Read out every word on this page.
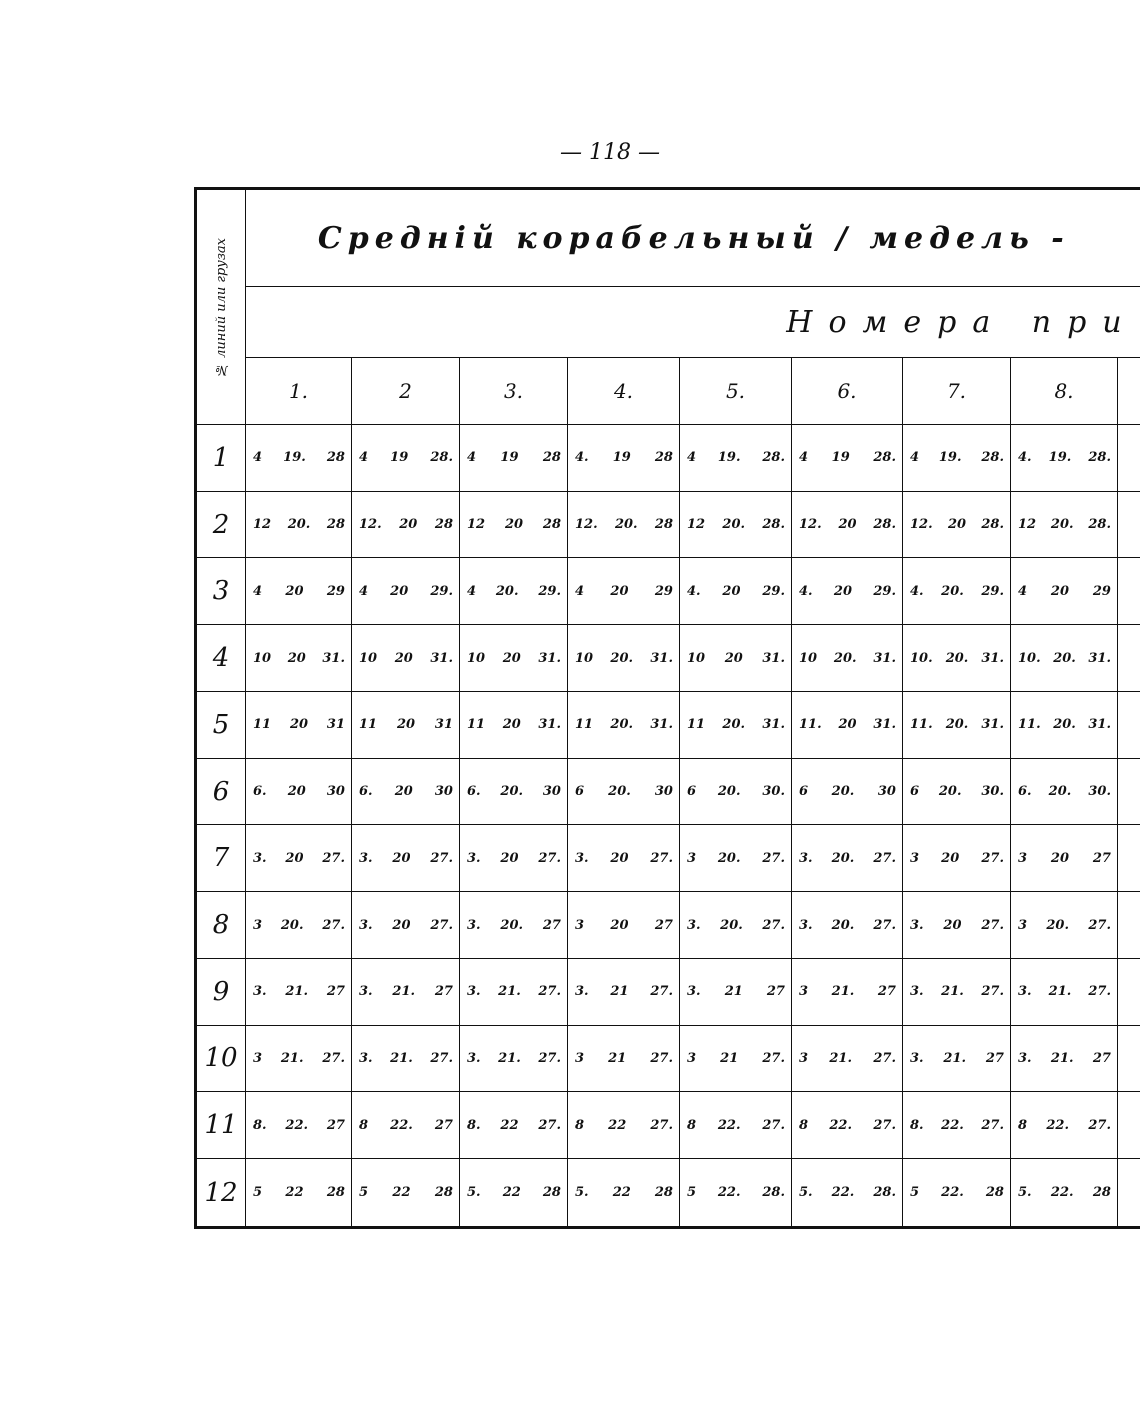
— 118 —
№ линий или грузах	Среднiй корабельный / медель -								
	Номера при								
	1.	2	3.	4.	5.	6.	7.	8.	
1	4 19. 28	4 19 28.	4 19 28	4. 19 28	4 19. 28.	4 19 28.	4 19. 28.	4. 19. 28.	

2	12 20. 28	12. 20 28	12 20 28	12. 20. 28	12 20. 28.	12. 20 28.	12. 20 28.	12 20. 28.	

3	4 20 29	4 20 29.	4 20. 29.	4 20 29	4. 20 29.	4. 20 29.	4. 20. 29.	4 20 29	

4	10 20 31.	10 20 31.	10 20 31.	10 20. 31.	10 20 31.	10 20. 31.	10. 20. 31.	10. 20. 31.	

5	11 20 31	11 20 31	11 20 31.	11 20. 31.	11 20. 31.	11. 20 31.	11. 20. 31.	11. 20. 31.	

6	6. 20 30	6. 20 30	6. 20. 30	6 20. 30	6 20. 30.	6 20. 30	6 20. 30.	6. 20. 30.	

7	3. 20 27.	3. 20 27.	3. 20 27.	3. 20 27.	3 20. 27.	3. 20. 27.	3 20 27.	3 20 27	

8	3 20. 27.	3. 20 27.	3. 20. 27	3 20 27	3. 20. 27.	3. 20. 27.	3. 20 27.	3 20. 27.	

9	3. 21. 27	3. 21. 27	3. 21. 27.	3. 21 27.	3. 21 27	3 21. 27	3. 21. 27.	3. 21. 27.	

10	3 21. 27.	3. 21. 27.	3. 21. 27.	3 21 27.	3 21 27.	3 21. 27.	3. 21. 27	3. 21. 27	

11	8. 22. 27	8 22. 27	8. 22 27.	8 22 27.	8 22. 27.	8 22. 27.	8. 22. 27.	8 22. 27.	

12	5 22 28	5 22 28	5. 22 28	5. 22 28	5 22. 28.	5. 22. 28.	5 22. 28	5. 22. 28	
